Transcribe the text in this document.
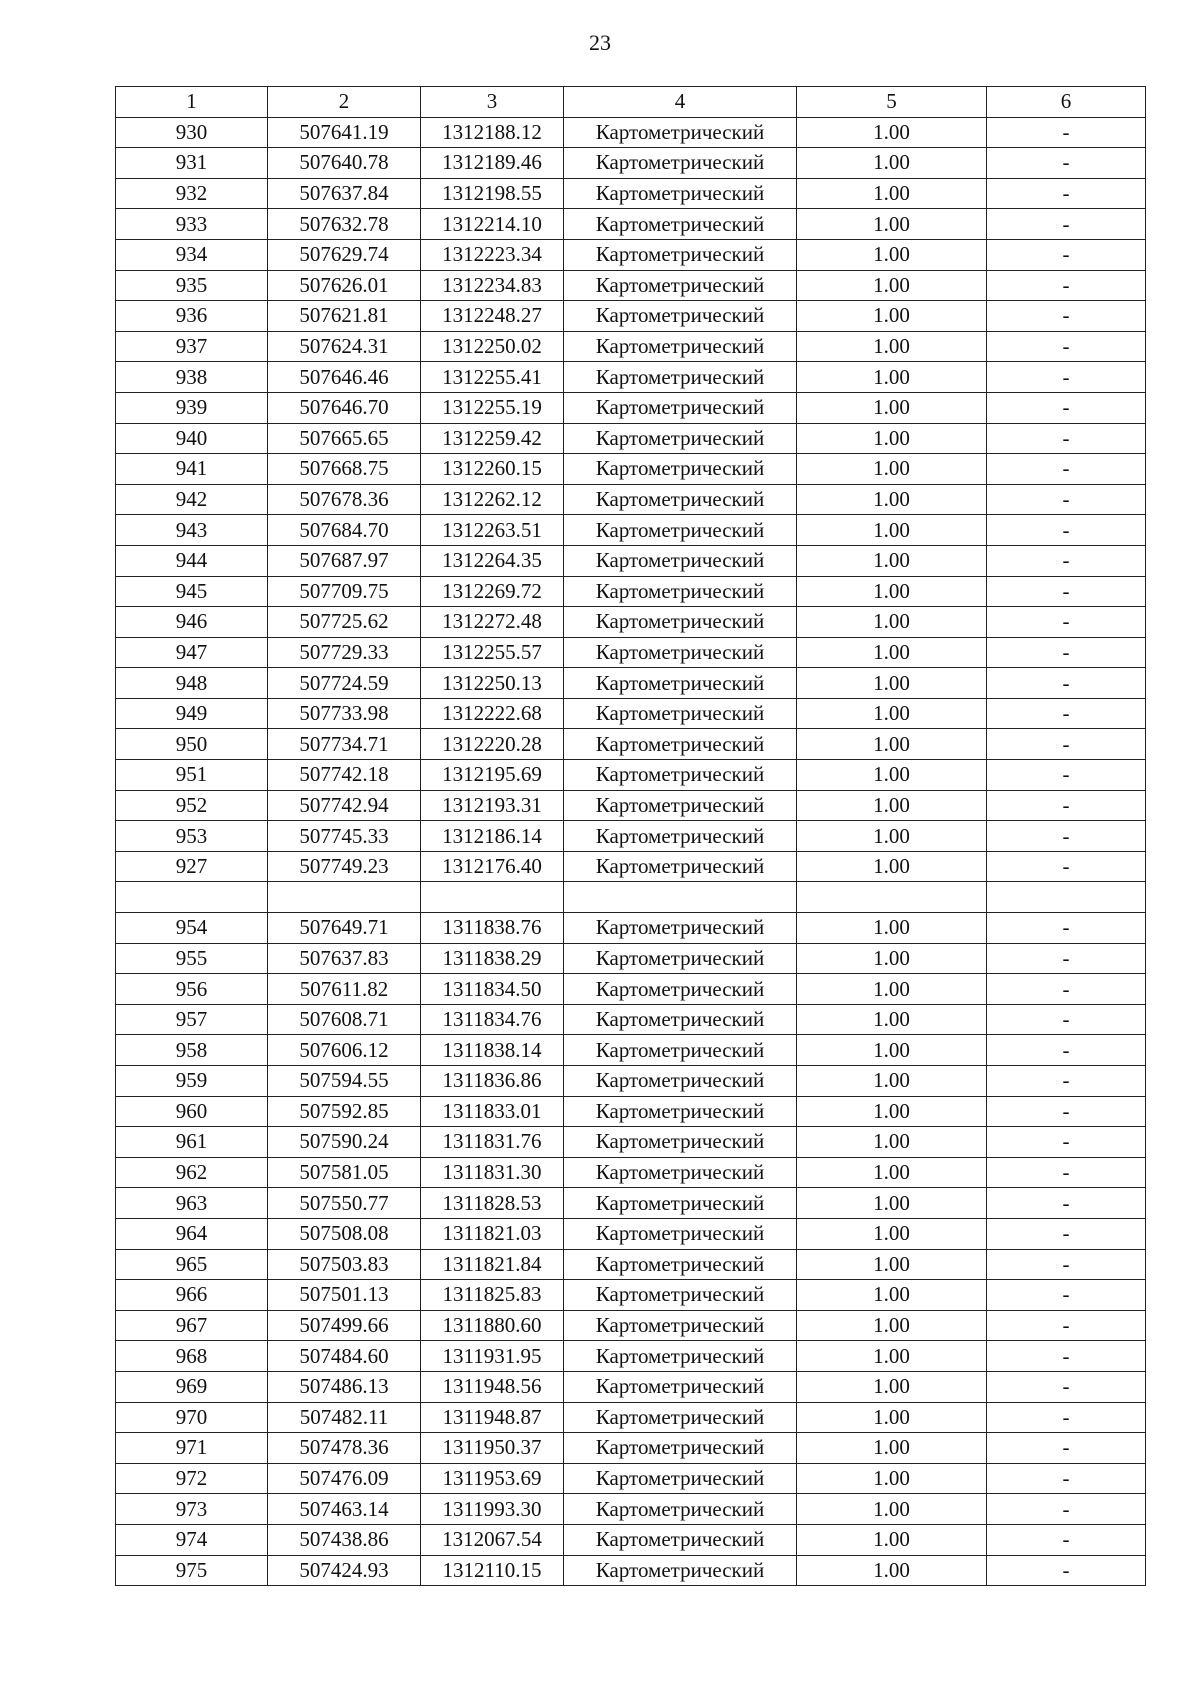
23
1	2	3	4	5	6
930	507641.19	1312188.12	Картометрический	1.00	-
931	507640.78	1312189.46	Картометрический	1.00	-
932	507637.84	1312198.55	Картометрический	1.00	-
933	507632.78	1312214.10	Картометрический	1.00	-
934	507629.74	1312223.34	Картометрический	1.00	-
935	507626.01	1312234.83	Картометрический	1.00	-
936	507621.81	1312248.27	Картометрический	1.00	-
937	507624.31	1312250.02	Картометрический	1.00	-
938	507646.46	1312255.41	Картометрический	1.00	-
939	507646.70	1312255.19	Картометрический	1.00	-
940	507665.65	1312259.42	Картометрический	1.00	-
941	507668.75	1312260.15	Картометрический	1.00	-
942	507678.36	1312262.12	Картометрический	1.00	-
943	507684.70	1312263.51	Картометрический	1.00	-
944	507687.97	1312264.35	Картометрический	1.00	-
945	507709.75	1312269.72	Картометрический	1.00	-
946	507725.62	1312272.48	Картометрический	1.00	-
947	507729.33	1312255.57	Картометрический	1.00	-
948	507724.59	1312250.13	Картометрический	1.00	-
949	507733.98	1312222.68	Картометрический	1.00	-
950	507734.71	1312220.28	Картометрический	1.00	-
951	507742.18	1312195.69	Картометрический	1.00	-
952	507742.94	1312193.31	Картометрический	1.00	-
953	507745.33	1312186.14	Картометрический	1.00	-
927	507749.23	1312176.40	Картометрический	1.00	-

954	507649.71	1311838.76	Картометрический	1.00	-
955	507637.83	1311838.29	Картометрический	1.00	-
956	507611.82	1311834.50	Картометрический	1.00	-
957	507608.71	1311834.76	Картометрический	1.00	-
958	507606.12	1311838.14	Картометрический	1.00	-
959	507594.55	1311836.86	Картометрический	1.00	-
960	507592.85	1311833.01	Картометрический	1.00	-
961	507590.24	1311831.76	Картометрический	1.00	-
962	507581.05	1311831.30	Картометрический	1.00	-
963	507550.77	1311828.53	Картометрический	1.00	-
964	507508.08	1311821.03	Картометрический	1.00	-
965	507503.83	1311821.84	Картометрический	1.00	-
966	507501.13	1311825.83	Картометрический	1.00	-
967	507499.66	1311880.60	Картометрический	1.00	-
968	507484.60	1311931.95	Картометрический	1.00	-
969	507486.13	1311948.56	Картометрический	1.00	-
970	507482.11	1311948.87	Картометрический	1.00	-
971	507478.36	1311950.37	Картометрический	1.00	-
972	507476.09	1311953.69	Картометрический	1.00	-
973	507463.14	1311993.30	Картометрический	1.00	-
974	507438.86	1312067.54	Картометрический	1.00	-
975	507424.93	1312110.15	Картометрический	1.00	-
